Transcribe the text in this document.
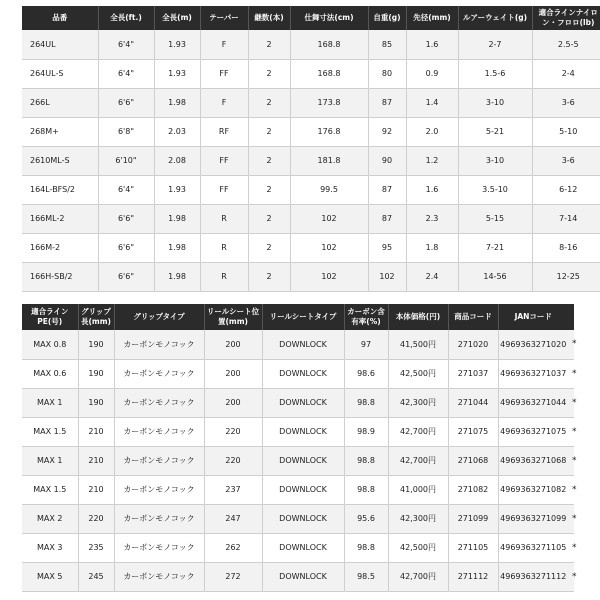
品番	全長(ft.)	全長(m)	テーパー	継数(本)	仕舞寸法(cm)	自重(g)	先径(mm)	ルアーウェイト(g)	適合ラインナイロン・フロロ(lb)
264UL	6'4"	1.93	F	2	168.8	85	1.6	2-7	2.5-5
264UL-S	6'4"	1.93	FF	2	168.8	80	0.9	1.5-6	2-4
266L	6'6"	1.98	F	2	173.8	87	1.4	3-10	3-6
268M+	6'8"	2.03	RF	2	176.8	92	2.0	5-21	5-10
2610ML-S	6'10"	2.08	FF	2	181.8	90	1.2	3-10	3-6
164L-BFS/2	6'4"	1.93	FF	2	99.5	87	1.6	3.5-10	6-12
166ML-2	6'6"	1.98	R	2	102	87	2.3	5-15	7-14
166M-2	6'6"	1.98	R	2	102	95	1.8	7-21	8-16
166H-SB/2	6'6"	1.98	R	2	102	102	2.4	14-56	12-25
適合ラインPE(号)	グリップ長(mm)	グリップタイプ	リールシート位置(mm)	リールシートタイプ	カーボン含有率(%)	本体価格(円)	商品コード	JANコード	
MAX 0.8	190	カーボンモノコック	200	DOWNLOCK	97	41,500円	271020	4969363271020	*
MAX 0.6	190	カーボンモノコック	200	DOWNLOCK	98.6	42,500円	271037	4969363271037	*
MAX 1	190	カーボンモノコック	200	DOWNLOCK	98.8	42,300円	271044	4969363271044	*
MAX 1.5	210	カーボンモノコック	220	DOWNLOCK	98.9	42,700円	271075	4969363271075	*
MAX 1	210	カーボンモノコック	220	DOWNLOCK	98.8	42,700円	271068	4969363271068	*
MAX 1.5	210	カーボンモノコック	237	DOWNLOCK	98.8	41,000円	271082	4969363271082	*
MAX 2	220	カーボンモノコック	247	DOWNLOCK	95.6	42,300円	271099	4969363271099	*
MAX 3	235	カーボンモノコック	262	DOWNLOCK	98.8	42,500円	271105	4969363271105	*
MAX 5	245	カーボンモノコック	272	DOWNLOCK	98.5	42,700円	271112	4969363271112	*
